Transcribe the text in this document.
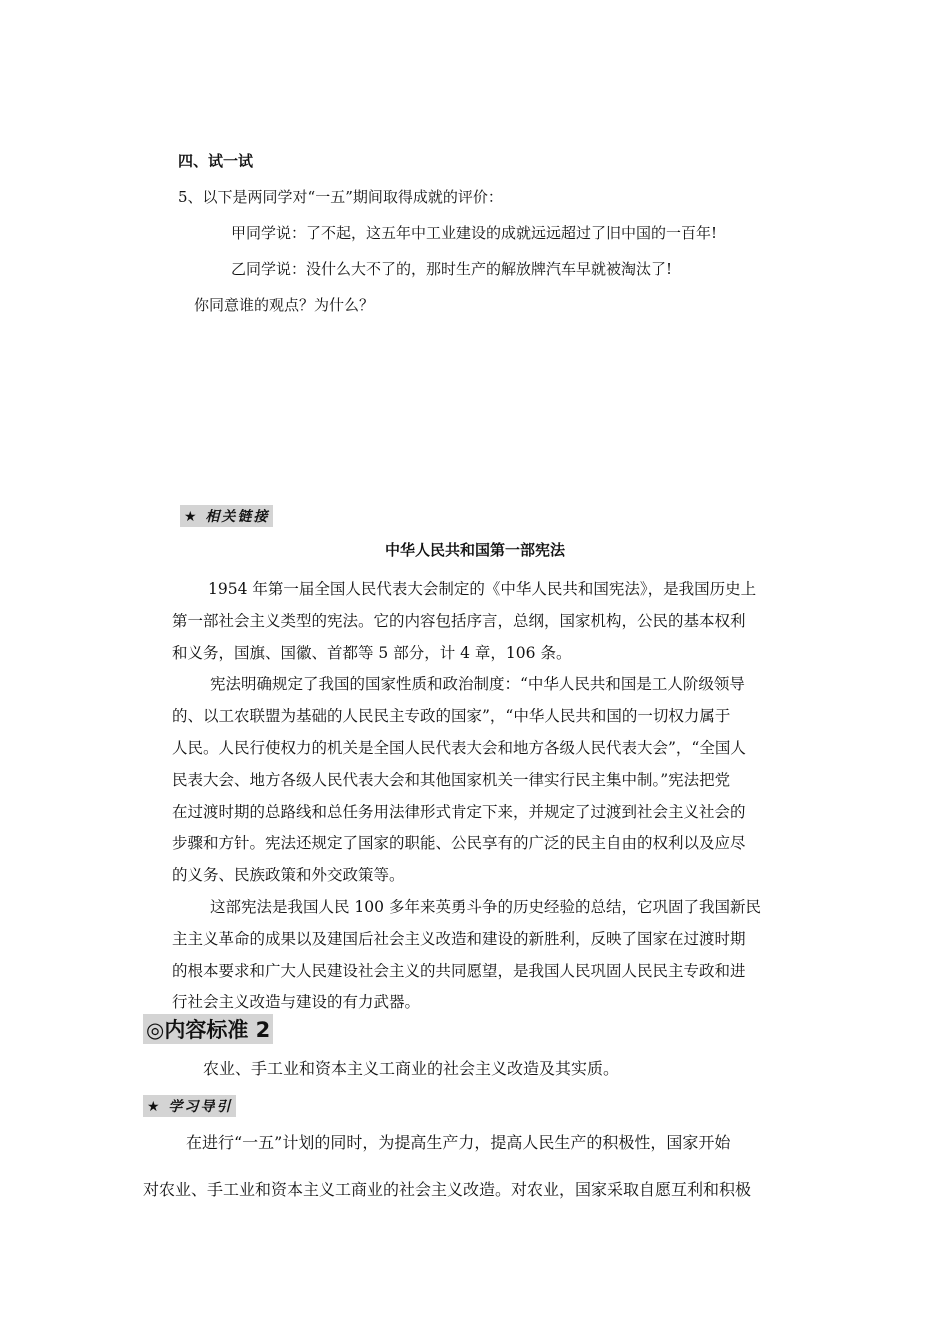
四、试一试
5、以下是两同学对“一五”期间取得成就的评价：
甲同学说：了不起，这五年中工业建设的成就远远超过了旧中国的一百年!
乙同学说：没什么大不了的，那时生产的解放牌汽车早就被淘汰了!
你同意谁的观点？为什么？
★ 相关链接
中华人民共和国第一部宪法
1954 年第一届全国人民代表大会制定的《中华人民共和国宪法》，是我国历史上
第一部社会主义类型的宪法。它的内容包括序言，总纲，国家机构，公民的基本权利
和义务，国旗、国徽、首都等 5 部分，计 4 章，106 条。
宪法明确规定了我国的国家性质和政治制度：“中华人民共和国是工人阶级领导
的、以工农联盟为基础的人民民主专政的国家”，“中华人民共和国的一切权力属于
人民。人民行使权力的机关是全国人民代表大会和地方各级人民代表大会”，“全国人
民表大会、地方各级人民代表大会和其他国家机关一律实行民主集中制。”宪法把党
在过渡时期的总路线和总任务用法律形式肯定下来，并规定了过渡到社会主义社会的
步骤和方针。宪法还规定了国家的职能、公民享有的广泛的民主自由的权利以及应尽
的义务、民族政策和外交政策等。
这部宪法是我国人民 100 多年来英勇斗争的历史经验的总结，它巩固了我国新民
主主义革命的成果以及建国后社会主义改造和建设的新胜利，反映了国家在过渡时期
的根本要求和广大人民建设社会主义的共同愿望，是我国人民巩固人民民主专政和进
行社会主义改造与建设的有力武器。
◎内容标准 2
农业、手工业和资本主义工商业的社会主义改造及其实质。
★ 学习导引
在进行“一五”计划的同时，为提高生产力，提高人民生产的积极性，国家开始
对农业、手工业和资本主义工商业的社会主义改造。对农业，国家采取自愿互利和积极
